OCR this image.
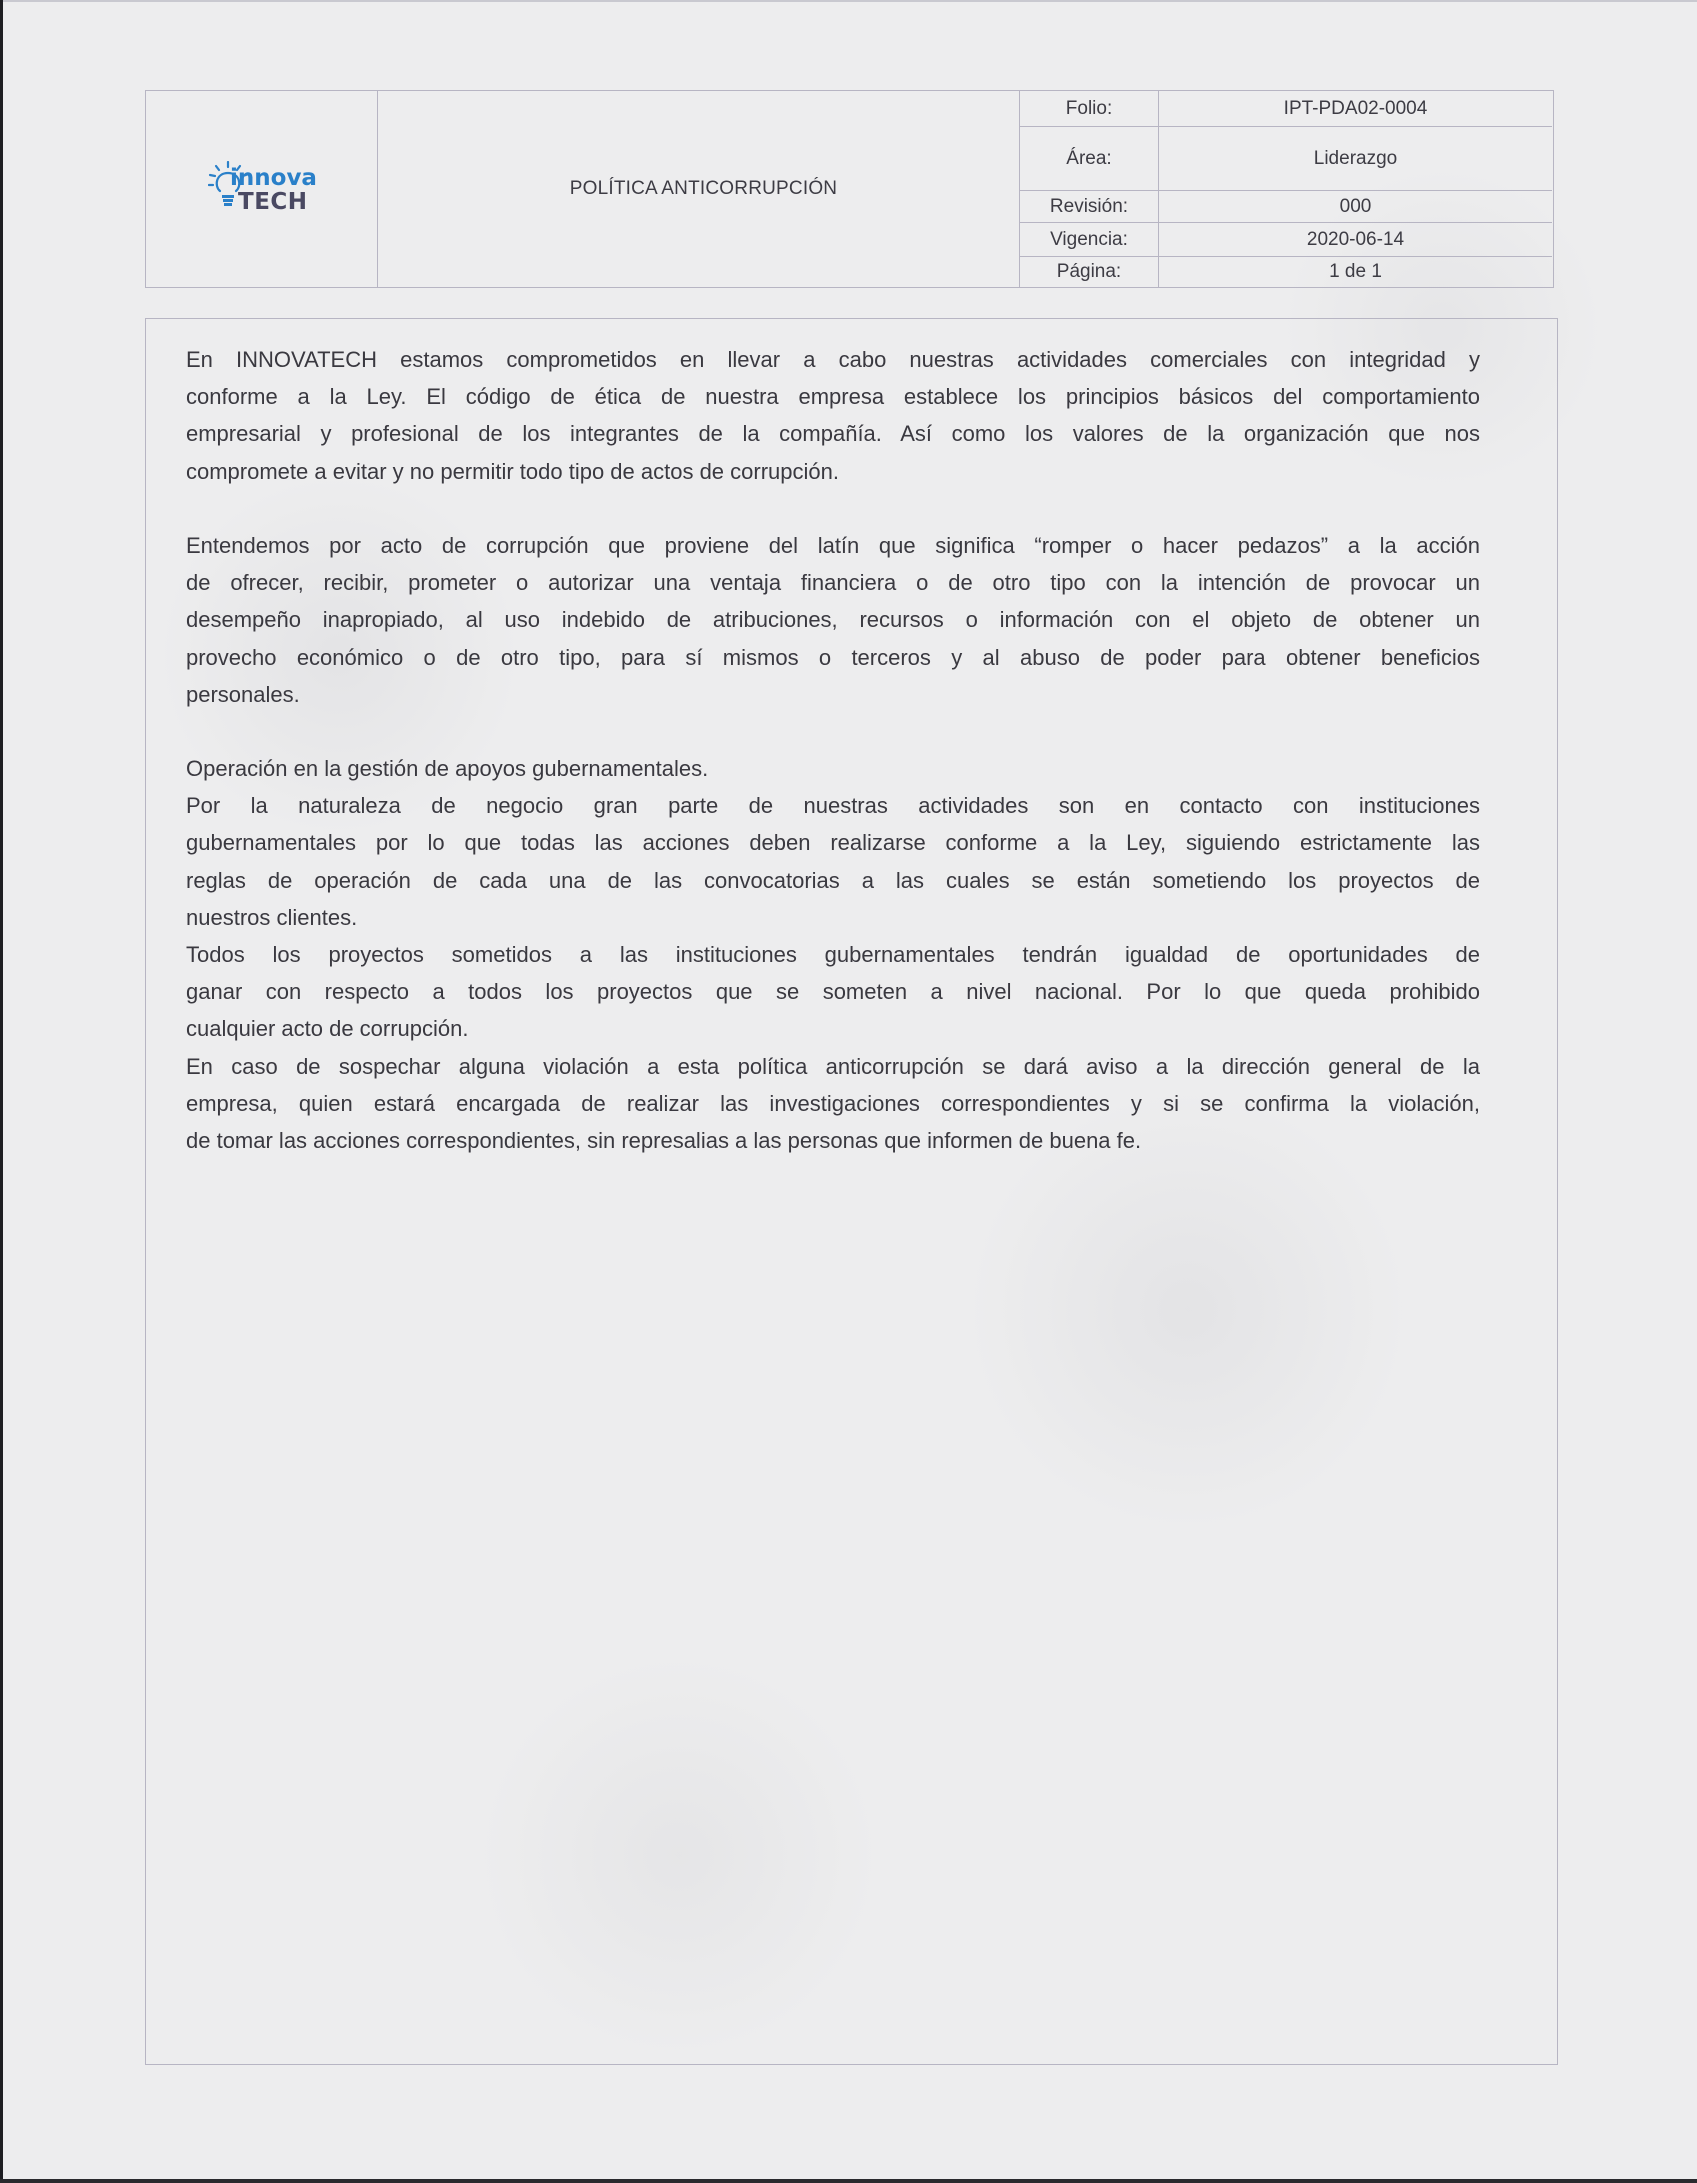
innova
TECH
POLÍTICA ANTICORRUPCIÓN
Folio:	IPT-PDA02-0004
Área:	Liderazgo
Revisión:	000
Vigencia:	2020-06-14
Página:	1 de 1
En INNOVATECH estamos comprometidos en llevar a cabo nuestras actividades comerciales con integridad y
conforme a la Ley. El código de ética de nuestra empresa establece los principios básicos del comportamiento
empresarial y profesional de los integrantes de la compañía. Así como los valores de la organización que nos
compromete a evitar y no permitir todo tipo de actos de corrupción.
Entendemos por acto de corrupción que proviene del latín que significa “romper o hacer pedazos” a la acción
de ofrecer, recibir, prometer o autorizar una ventaja financiera o de otro tipo con la intención de provocar un
desempeño inapropiado, al uso indebido de atribuciones, recursos o información con el objeto de obtener un
provecho económico o de otro tipo, para sí mismos o terceros y al abuso de poder para obtener beneficios
personales.
Operación en la gestión de apoyos gubernamentales.
Por la naturaleza de negocio gran parte de nuestras actividades son en contacto con instituciones
gubernamentales por lo que todas las acciones deben realizarse conforme a la Ley, siguiendo estrictamente las
reglas de operación de cada una de las convocatorias a las cuales se están sometiendo los proyectos de
nuestros clientes.
Todos los proyectos sometidos a las instituciones gubernamentales tendrán igualdad de oportunidades de
ganar con respecto a todos los proyectos que se someten a nivel nacional. Por lo que queda prohibido
cualquier acto de corrupción.
En caso de sospechar alguna violación a esta política anticorrupción se dará aviso a la dirección general de la
empresa, quien estará encargada de realizar las investigaciones correspondientes y si se confirma la violación,
de tomar las acciones correspondientes, sin represalias a las personas que informen de buena fe.
